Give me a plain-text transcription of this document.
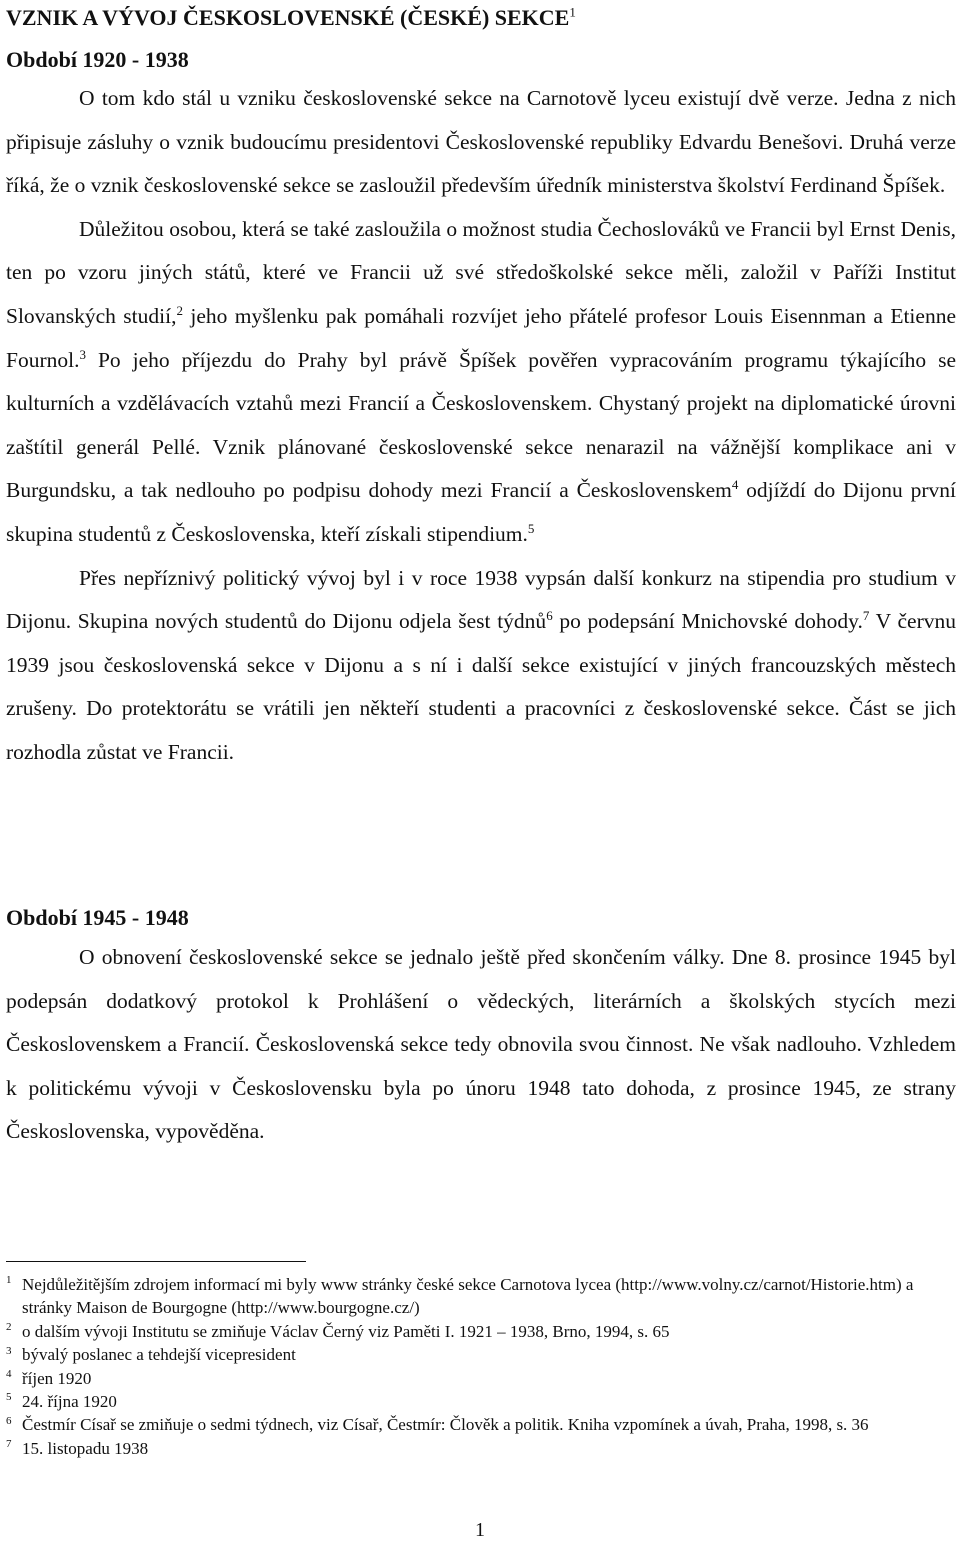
VZNIK A VÝVOJ ČESKOSLOVENSKÉ (ČESKÉ) SEKCE$^1$
Období 1920 - 1938

O tom kdo stál u vzniku československé sekce na Carnotově lyceu existují dvě verze. Jedna z nich připisuje zásluhy o vznik budoucímu presidentovi Československé republiky Edvardu Benešovi. Druhá verze říká, že o vznik československé sekce se zasloužil především úředník ministerstva školství Ferdinand Špíšek.

Důležitou osobou, která se také zasloužila o možnost studia Čechoslováků ve Francii byl Ernst Denis, ten po vzoru jiných států, které ve Francii už své středoškolské sekce měli, založil v Paříži Institut Slovanských studií,$^2$ jeho myšlenku pak pomáhali rozvíjet jeho přátelé profesor Louis Eisennman a Etienne Fournol.$^3$ Po jeho příjezdu do Prahy byl právě Špíšek pověřen vypracováním programu týkajícího se kulturních a vzdělávacích vztahů mezi Francií a Československem. Chystaný projekt na diplomatické úrovni zaštítil generál Pellé. Vznik plánované československé sekce nenarazil na vážnější komplikace ani v Burgundsku, a tak nedlouho po podpisu dohody mezi Francií a Československem$^4$ odjíždí do Dijonu první skupina studentů z Československa, kteří získali stipendium.$^5$

Přes nepříznivý politický vývoj byl i v roce 1938 vypsán další konkurz na stipendia pro studium v Dijonu. Skupina nových studentů do Dijonu odjela šest týdnů$^6$ po podepsání Mnichovské dohody.$^7$ V červnu 1939 jsou československá sekce v Dijonu a s ní i další sekce existující v jiných francouzských městech zrušeny. Do protektorátu se vrátili jen někteří studenti a pracovníci z československé sekce. Část se jich rozhodla zůstat ve Francii.

Období 1945 - 1948

O obnovení československé sekce se jednalo ještě před skončením války. Dne 8. prosince 1945 byl podepsán dodatkový protokol k Prohlášení o vědeckých, literárních a školských stycích mezi Československem a Francií. Československá sekce tedy obnovila svou činnost. Ne však nadlouho. Vzhledem k politickému vývoji v Československu byla po únoru 1948 tato dohoda, z prosince 1945, ze strany Československa, vypověděna.

$^1$ Nejdůležitějším zdrojem informací mi byly www stránky české sekce Carnotova lycea (http://www.volny.cz/carnot/Historie.htm) a stránky Maison de Bourgogne (http://www.bourgogne.cz/)

$^2$ o dalším vývoji Institutu se zmiňuje Václav Černý viz Paměti I. 1921 – 1938, Brno, 1994, s. 65

$^3$ bývalý poslanec a tehdejší vicepresident

$^4$ říjen 1920

$^5$ 24. října 1920

$^6$ Čestmír Císař se zmiňuje o sedmi týdnech, viz Císař, Čestmír: Člověk a politik. Kniha vzpomínek a úvah, Praha, 1998, s. 36

$^7$ 15. listopadu 1938

1
